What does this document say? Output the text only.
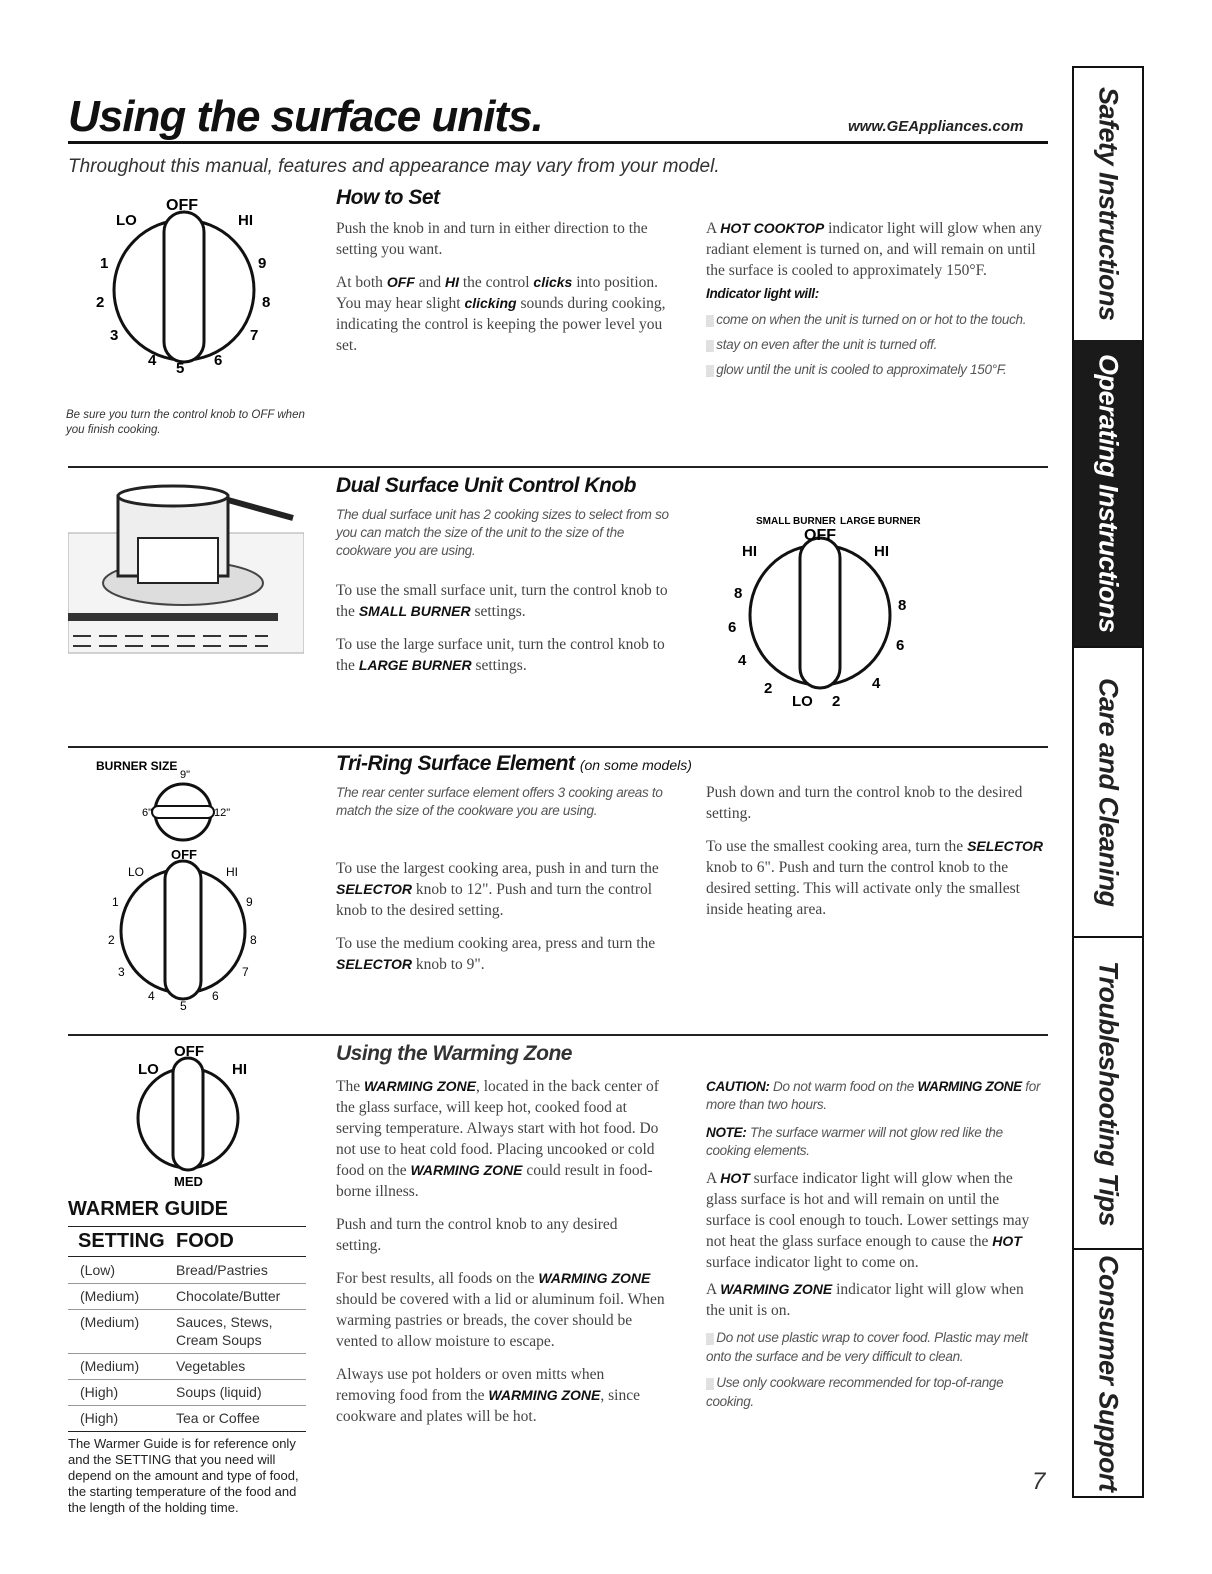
Using the surface units.	www.GEAppliances.com
Throughout this manual, features and appearance may vary from your model.
OFF
LO	HI
1
2
3
4 5 6
7
8
9
Be sure you turn the control knob to OFF when you finish cooking.
How to Set

Push the knob in and turn in either direction to the setting you want.

At both OFF and HI the control clicks into position. You may hear slight clicking sounds during cooking, indicating the control is keeping the power level you set.

A HOT COOKTOP indicator light will glow when any radiant element is turned on, and will remain on until the surface is cooled to approximately 150°F.

Indicator light will:
▒ come on when the unit is turned on or hot to the touch.
▒ stay on even after the unit is turned off.
▒ glow until the unit is cooled to approximately 150°F.
Dual Surface Unit Control Knob
The dual surface unit has 2 cooking sizes to select from so you can match the size of the unit to the size of the cookware you are using.

To use the small surface unit, turn the control knob to the SMALL BURNER settings.

To use the large surface unit, turn the control knob to the LARGE BURNER settings.

SMALL BURNER LARGE BURNER
OFF
HI	HI
8
6
4
2
LO 2
4
6
8
BURNER SIZE
9"
6"	12"
OFF
LO	HI
1
2
3
4
5
6
7
8
9
Tri-Ring Surface Element (on some models)
The rear center surface element offers 3 cooking areas to match the size of the cookware you are using.

To use the largest cooking area, push in and turn the SELECTOR knob to 12". Push and turn the control knob to the desired setting.

To use the medium cooking area, press and turn the SELECTOR knob to 9".

Push down and turn the control knob to the desired setting.

To use the smallest cooking area, turn the SELECTOR knob to 6". Push and turn the control knob to the desired setting. This will activate only the smallest inside heating area.

LO
OFF
HI
MED
WARMER GUIDE
SETTING FOOD
(Low)	Bread/Pastries
(Medium)	Chocolate/Butter
(Medium)	Sauces, Stews,
Cream Soups
(Medium)	Vegetables
(High)	Soups (liquid)
(High)	Tea or Coffee
The Warmer Guide is for reference only and the SETTING that you need will depend on the amount and type of food, the starting temperature of the food and the length of the holding time.
Using the Warming Zone

The WARMING ZONE, located in the back center of the glass surface, will keep hot, cooked food at serving temperature. Always start with hot food. Do not use to heat cold food. Placing uncooked or cold food on the WARMING ZONE could result in food-borne illness.

Push and turn the control knob to any desired setting.

For best results, all foods on the WARMING ZONE should be covered with a lid or aluminum foil. When warming pastries or breads, the cover should be vented to allow moisture to escape.

Always use pot holders or oven mitts when removing food from the WARMING ZONE, since cookware and plates will be hot.

CAUTION: Do not warm food on the WARMING ZONE for more than two hours.
NOTE: The surface warmer will not glow red like the cooking elements.
A HOT surface indicator light will glow when the glass surface is hot and will remain on until the surface is cool enough to touch. Lower settings may not heat the glass surface enough to cause the HOT surface indicator light to come on.
A WARMING ZONE indicator light will glow when the unit is on.
▒ Do not use plastic wrap to cover food. Plastic may melt onto the surface and be very difficult to clean.
▒ Use only cookware recommended for top-of-range cooking.
Safety Instructions
Operating Instructions
Care and Cleaning
Troubleshooting Tips
Consumer Support
7
